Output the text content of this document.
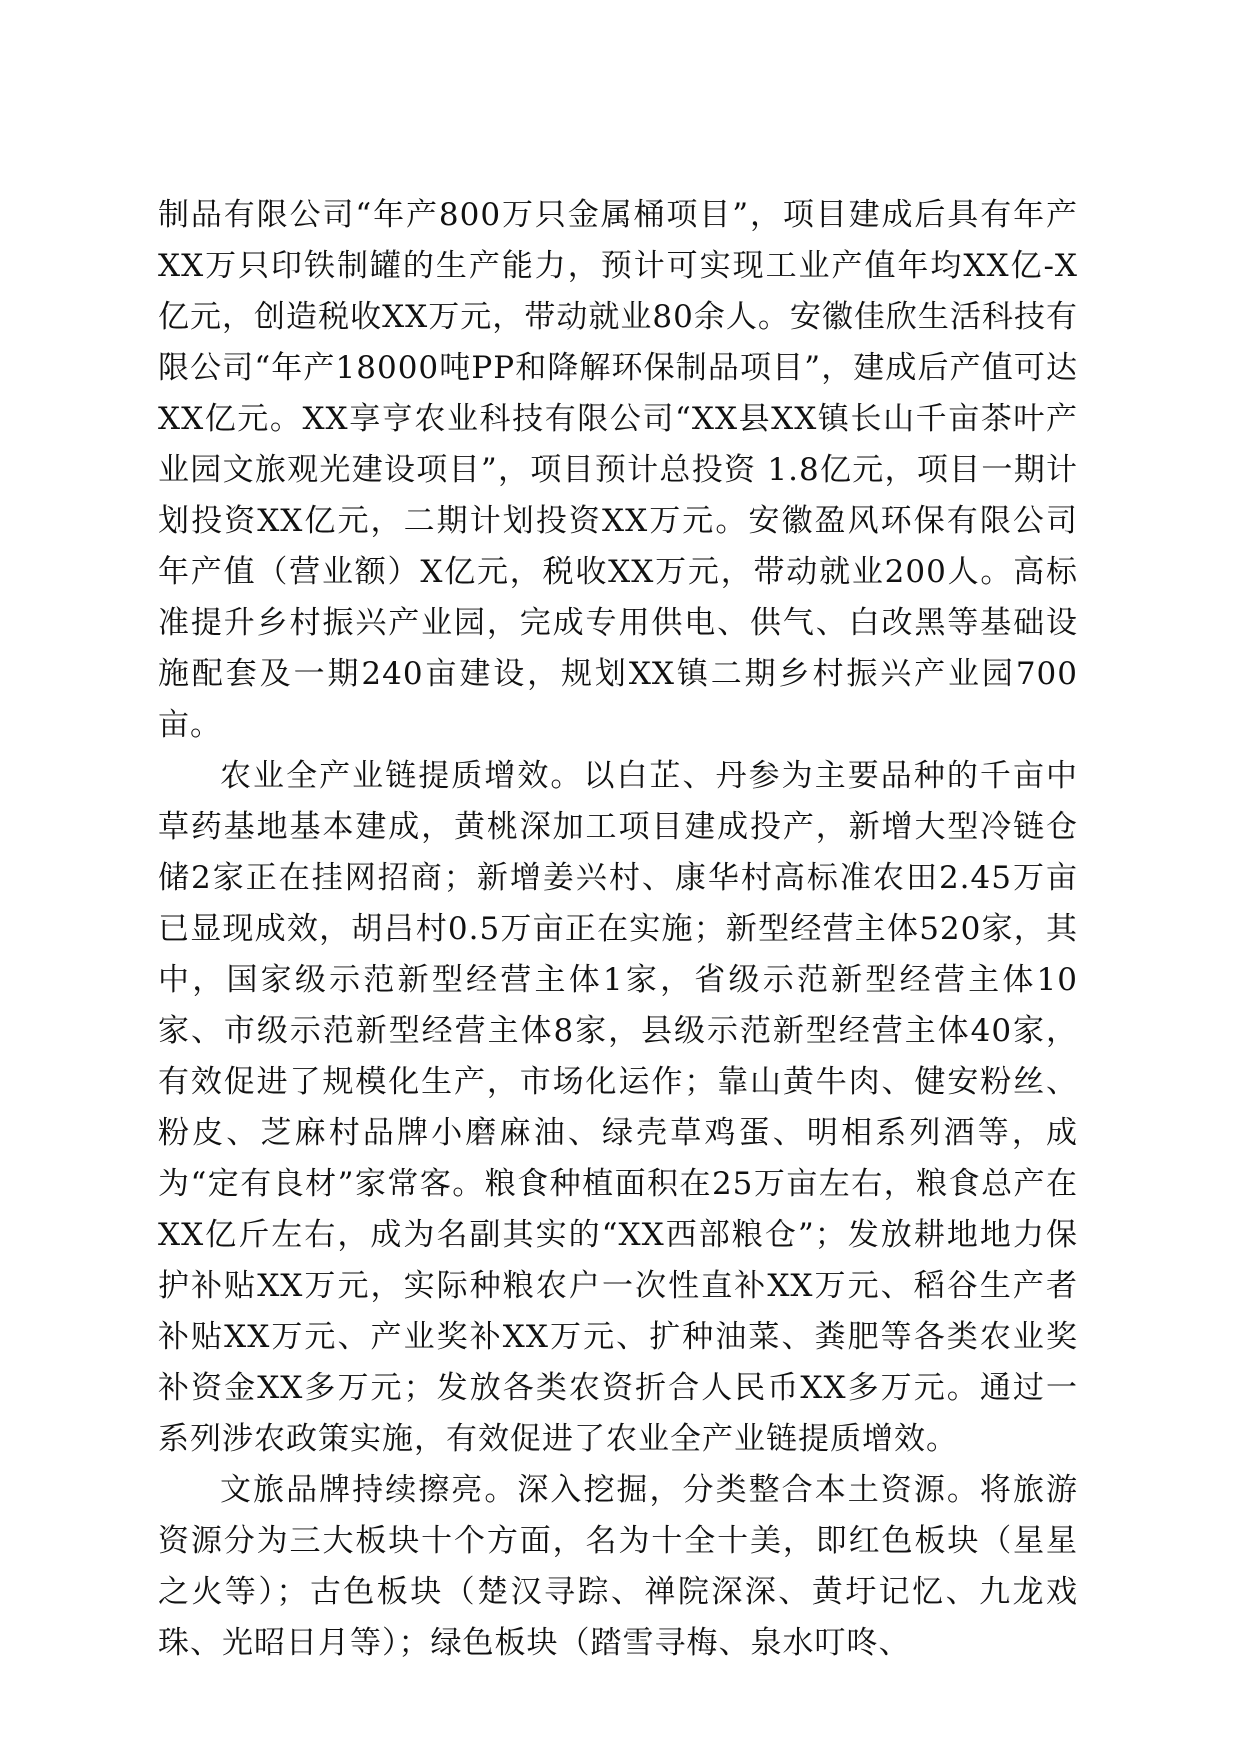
制品有限公司“年产800万只金属桶项目”，项目建成后具有年产XX万只印铁制罐的生产能力，预计可实现工业产值年均XX亿-X亿元，创造税收XX万元，带动就业80余人。安徽佳欣生活科技有限公司“年产18000吨PP和降解环保制品项目”，建成后产值可达XX亿元。XX享亨农业科技有限公司“XX县XX镇长山千亩茶叶产业园文旅观光建设项目”，项目预计总投资 1.8亿元，项目一期计划投资XX亿元，二期计划投资XX万元。安徽盈风环保有限公司年产值（营业额）X亿元，税收XX万元，带动就业200人。高标准提升乡村振兴产业园，完成专用供电、供气、白改黑等基础设施配套及一期240亩建设，规划XX镇二期乡村振兴产业园700亩。

农业全产业链提质增效。以白芷、丹参为主要品种的千亩中草药基地基本建成，黄桃深加工项目建成投产，新增大型冷链仓储2家正在挂网招商；新增姜兴村、康华村高标准农田2.45万亩已显现成效，胡吕村0.5万亩正在实施；新型经营主体520家，其中，国家级示范新型经营主体1家，省级示范新型经营主体10家、市级示范新型经营主体8家，县级示范新型经营主体40家，有效促进了规模化生产，市场化运作；靠山黄牛肉、健安粉丝、粉皮、芝麻村品牌小磨麻油、绿壳草鸡蛋、明相系列酒等，成为“定有良材”家常客。粮食种植面积在25万亩左右，粮食总产在XX亿斤左右，成为名副其实的“XX西部粮仓”；发放耕地地力保护补贴XX万元，实际种粮农户一次性直补XX万元、稻谷生产者补贴XX万元、产业奖补XX万元、扩种油菜、粪肥等各类农业奖补资金XX多万元；发放各类农资折合人民币XX多万元。通过一系列涉农政策实施，有效促进了农业全产业链提质增效。

文旅品牌持续擦亮。深入挖掘，分类整合本土资源。将旅游资源分为三大板块十个方面，名为十全十美，即红色板块（星星之火等）；古色板块（楚汉寻踪、禅院深深、黄圩记忆、九龙戏珠、光昭日月等）；绿色板块（踏雪寻梅、泉水叮咚、
